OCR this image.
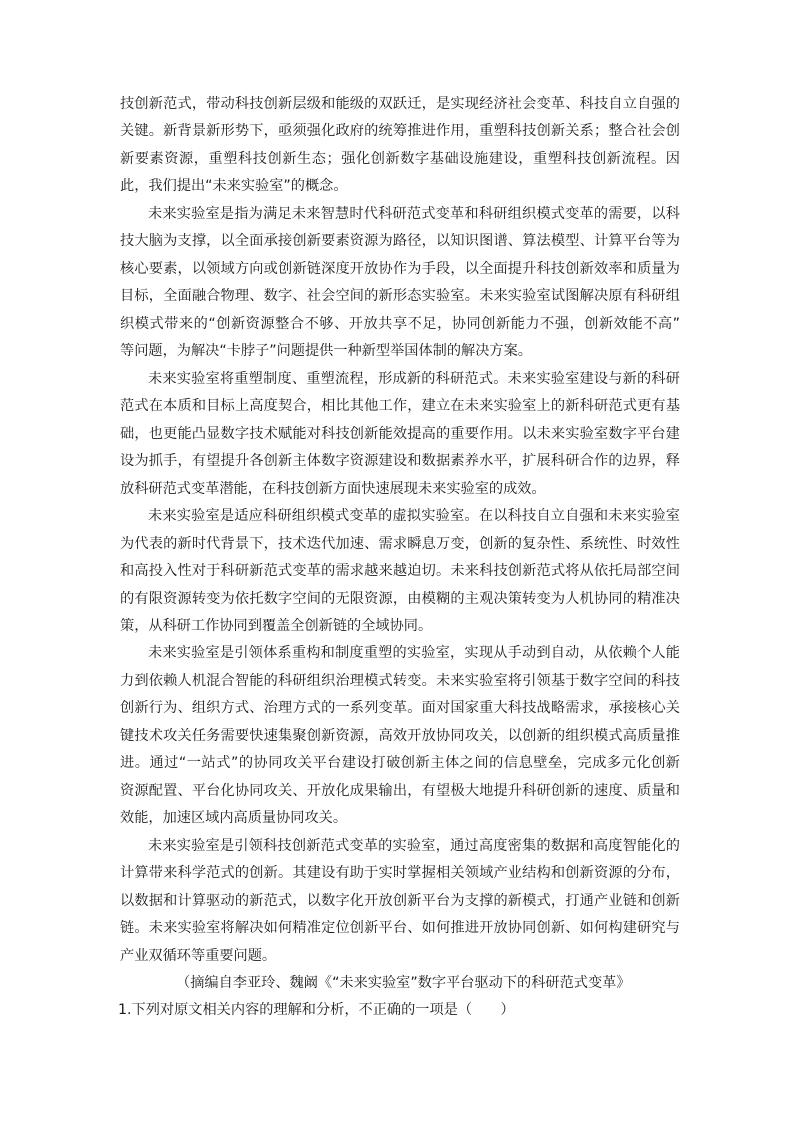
技创新范式，带动科技创新层级和能级的双跃迁，是实现经济社会变革、科技自立自强的
关键。新背景新形势下，亟须强化政府的统筹推进作用，重塑科技创新关系；整合社会创
新要素资源，重塑科技创新生态；强化创新数字基础设施建设，重塑科技创新流程。因
此，我们提出“未来实验室”的概念。
未来实验室是指为满足未来智慧时代科研范式变革和科研组织模式变革的需要，以科
技大脑为支撑，以全面承接创新要素资源为路径，以知识图谱、算法模型、计算平台等为
核心要素，以领域方向或创新链深度开放协作为手段，以全面提升科技创新效率和质量为
目标，全面融合物理、数字、社会空间的新形态实验室。未来实验室试图解决原有科研组
织模式带来的“创新资源整合不够、开放共享不足，协同创新能力不强，创新效能不高”
等问题，为解决“卡脖子”问题提供一种新型举国体制的解决方案。
未来实验室将重塑制度、重塑流程，形成新的科研范式。未来实验室建设与新的科研
范式在本质和目标上高度契合，相比其他工作，建立在未来实验室上的新科研范式更有基
础，也更能凸显数字技术赋能对科技创新能效提高的重要作用。以未来实验室数字平台建
设为抓手，有望提升各创新主体数字资源建设和数据素养水平，扩展科研合作的边界，释
放科研范式变革潜能，在科技创新方面快速展现未来实验室的成效。
未来实验室是适应科研组织模式变革的虚拟实验室。在以科技自立自强和未来实验室
为代表的新时代背景下，技术迭代加速、需求瞬息万变，创新的复杂性、系统性、时效性
和高投入性对于科研新范式变革的需求越来越迫切。未来科技创新范式将从依托局部空间
的有限资源转变为依托数字空间的无限资源，由模糊的主观决策转变为人机协同的精准决
策，从科研工作协同到覆盖全创新链的全域协同。
未来实验室是引领体系重构和制度重塑的实验室，实现从手动到自动，从依赖个人能
力到依赖人机混合智能的科研组织治理模式转变。未来实验室将引领基于数字空间的科技
创新行为、组织方式、治理方式的一系列变革。面对国家重大科技战略需求，承接核心关
键技术攻关任务需要快速集聚创新资源，高效开放协同攻关，以创新的组织模式高质量推
进。通过“一站式”的协同攻关平台建设打破创新主体之间的信息壁垒，完成多元化创新
资源配置、平台化协同攻关、开放化成果输出，有望极大地提升科研创新的速度、质量和
效能，加速区域内高质量协同攻关。
未来实验室是引领科技创新范式变革的实验室，通过高度密集的数据和高度智能化的
计算带来科学范式的创新。其建设有助于实时掌握相关领域产业结构和创新资源的分布，
以数据和计算驱动的新范式，以数字化开放创新平台为支撑的新模式，打通产业链和创新
链。未来实验室将解决如何精准定位创新平台、如何推进开放协同创新、如何构建研究与
产业双循环等重要问题。
（摘编自李亚玲、魏阚《“未来实验室”数字平台驱动下的科研范式变革》
1.下列对原文相关内容的理解和分析，不正确的一项是（　　）
